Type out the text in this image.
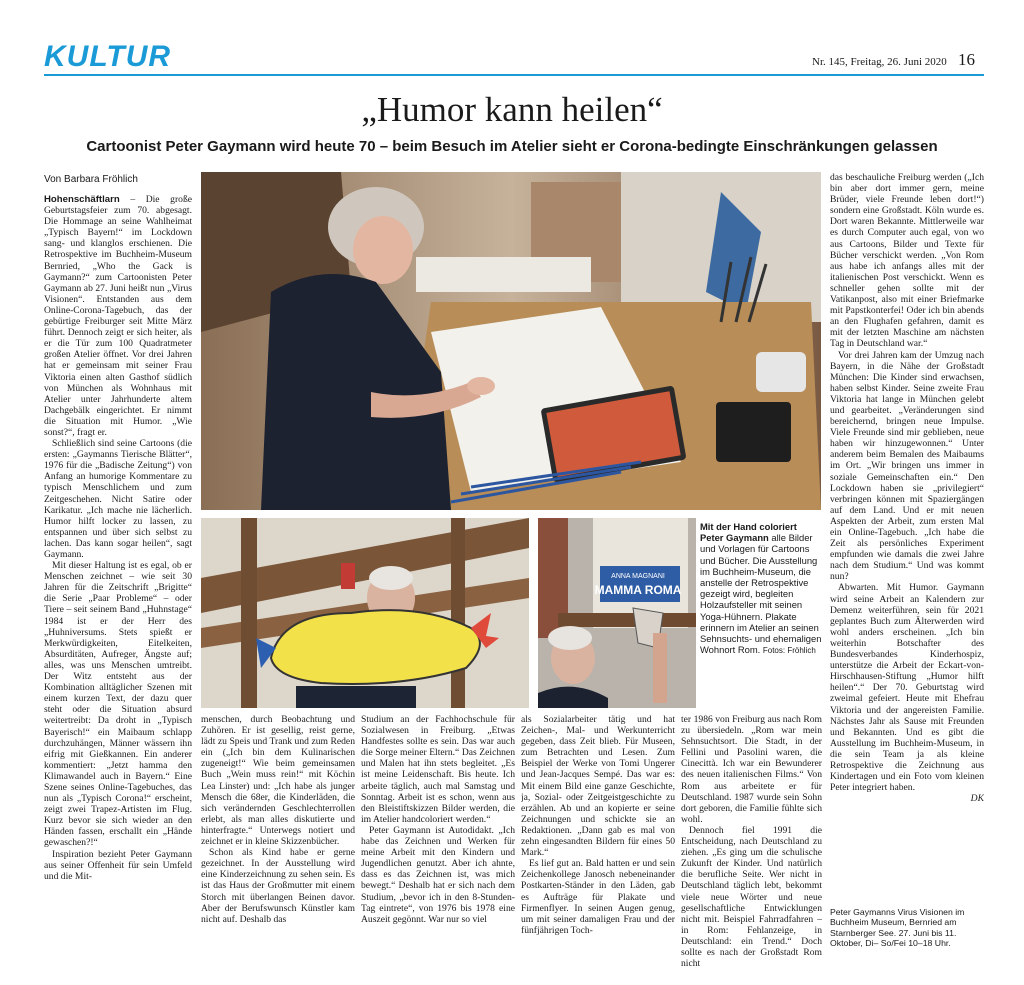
KULTUR	Nr. 145, Freitag, 26. Juni 2020 16
„Humor kann heilen“
Cartoonist Peter Gaymann wird heute 70 – beim Besuch im Atelier sieht er Corona-bedingte Einschränkungen gelassen
Von Barbara Fröhlich

Hohenschäftlarn – Die große Geburtstagsfeier zum 70. abgesagt. Die Hommage an seine Wahlheimat „Typisch Bayern!“ im Lockdown sang- und klanglos erschienen. Die Retrospektive im Buchheim-Museum Bernried, „Who the Gack is Gaymann?“ zum Cartoonisten Peter Gaymann ab 27. Juni heißt nun „Virus Visionen“. Entstanden aus dem Online-Corona-Tagebuch, das der gebürtige Freiburger seit Mitte März führt. Dennoch zeigt er sich heiter, als er die Tür zum 100 Quadratmeter großen Atelier öffnet. Vor drei Jahren hat er gemeinsam mit seiner Frau Viktoria einen alten Gasthof südlich von München als Wohnhaus mit Atelier unter Jahrhunderte altem Dachgebälk eingerichtet. Er nimmt die Situation mit Humor. „Wie sonst?“, fragt er.

Schließlich sind seine Cartoons (die ersten: „Gaymanns Tierische Blätter“, 1976 für die „Badische Zeitung“) von Anfang an humorige Kommentare zu typisch Menschlichem und zum Zeitgeschehen. Nicht Satire oder Karikatur. „Ich mache nie lächerlich. Humor hilft locker zu lassen, zu entspannen und über sich selbst zu lachen. Das kann sogar heilen“, sagt Gaymann.

Mit dieser Haltung ist es egal, ob er Menschen zeichnet – wie seit 30 Jahren für die Zeitschrift „Brigitte“ die Serie „Paar Probleme“ – oder Tiere – seit seinem Band „Huhnstage“ 1984 ist er der Herr des „Huhniversums. Stets spießt er Merkwürdigkeiten, Eitelkeiten, Absurditäten, Aufreger, Ängste auf; alles, was uns Menschen umtreibt. Der Witz entsteht aus der Kombination alltäglicher Szenen mit einem kurzen Text, der dazu quer steht oder die Situation absurd weitertreibt: Da droht in „Typisch Bayerisch!“ ein Maibaum schlapp durchzuhängen, Männer wässern ihn eifrig mit Gießkannen. Ein anderer kommentiert: „Jetzt hamma den Klimawandel auch in Bayern.“ Eine Szene seines Online-Tagebuches, das nun als „Typisch Corona!“ erscheint, zeigt zwei Trapez-Artisten im Flug. Kurz bevor sie sich wieder an den Händen fassen, erschallt ein „Hände gewaschen?!“

Inspiration bezieht Peter Gaymann aus seiner Offenheit für sein Umfeld und die Mit-

ANNA MAGNANI
MAMMA ROMA
Mit der Hand coloriert Peter Gaymann alle Bilder und Vorlagen für Cartoons und Bücher. Die Ausstellung im Buchheim-Museum, die anstelle der Retrospektive gezeigt wird, begleiten Holzaufsteller mit seinen Yoga-Hühnern. Plakate erinnern im Atelier an seinen Sehnsuchts- und ehemaligen Wohnort Rom. Fotos: Fröhlich

menschen, durch Beobachtung und Zuhören. Er ist gesellig, reist gerne, lädt zu Speis und Trank und zum Reden ein („Ich bin dem Kulinarischen zugeneigt!“ Wie beim gemeinsamen Buch „Wein muss rein!“ mit Köchin Lea Linster) und: „Ich habe als junger Mensch die 68er, die Kinderläden, die sich verändernden Geschlechterrollen erlebt, als man alles diskutierte und hinterfragte.“ Unterwegs notiert und zeichnet er in kleine Skizzenbücher.

Schon als Kind habe er gerne gezeichnet. In der Ausstellung wird eine Kinderzeichnung zu sehen sein. Es ist das Haus der Großmutter mit einem Storch mit überlangen Beinen davor. Aber der Berufswunsch Künstler kam nicht auf. Deshalb das

Studium an der Fachhochschule für Sozialwesen in Freiburg. „Etwas Handfestes sollte es sein. Das war auch die Sorge meiner Eltern.“ Das Zeichnen und Malen hat ihn stets begleitet. „Es ist meine Leidenschaft. Bis heute. Ich arbeite täglich, auch mal Samstag und Sonntag. Arbeit ist es schon, wenn aus den Bleistiftskizzen Bilder werden, die im Atelier handcoloriert werden.“

Peter Gaymann ist Autodidakt. „Ich habe das Zeichnen und Werken für meine Arbeit mit den Kindern und Jugendlichen genutzt. Aber ich ahnte, dass es das Zeichnen ist, was mich bewegt.“ Deshalb hat er sich nach dem Studium, „bevor ich in den 8-Stunden-Tag eintrete“, von 1976 bis 1978 eine Auszeit gegönnt. War nur so viel

als Sozialarbeiter tätig und hat Zeichen-, Mal- und Werkunterricht gegeben, dass Zeit blieb. Für Museen, zum Betrachten und Lesen. Zum Beispiel der Werke von Tomi Ungerer und Jean-Jacques Sempé. Das war es: Mit einem Bild eine ganze Geschichte, ja, Sozial- oder Zeitgeistgeschichte zu erzählen. Ab und an kopierte er seine Zeichnungen und schickte sie an Redaktionen. „Dann gab es mal von zehn eingesandten Bildern für eines 50 Mark.“

Es lief gut an. Bald hatten er und sein Zeichenkollege Janosch nebeneinander Postkarten-Ständer in den Läden, gab es Aufträge für Plakate und Firmenflyer. In seinen Augen genug, um mit seiner damaligen Frau und der fünfjährigen Toch-

ter 1986 von Freiburg aus nach Rom zu übersiedeln. „Rom war mein Sehnsuchtsort. Die Stadt, in der Fellini und Pasolini waren, die Cinecittà. Ich war ein Bewunderer des neuen italienischen Films.“ Von Rom aus arbeitete er für Deutschland. 1987 wurde sein Sohn dort geboren, die Familie fühlte sich wohl.

Dennoch fiel 1991 die Entscheidung, nach Deutschland zu ziehen. „Es ging um die schulische Zukunft der Kinder. Und natürlich die berufliche Seite. Wer nicht in Deutschland täglich lebt, bekommt viele neue Wörter und neue gesellschaftliche Entwicklungen nicht mit. Beispiel Fahrradfahren – in Rom: Fehlanzeige, in Deutschland: ein Trend.“ Doch sollte es nach der Großstadt Rom nicht

das beschauliche Freiburg werden („Ich bin aber dort immer gern, meine Brüder, viele Freunde leben dort!“) sondern eine Großstadt. Köln wurde es. Dort waren Bekannte. Mittlerweile war es durch Computer auch egal, von wo aus Cartoons, Bilder und Texte für Bücher verschickt werden. „Von Rom aus habe ich anfangs alles mit der italienischen Post verschickt. Wenn es schneller gehen sollte mit der Vatikanpost, also mit einer Briefmarke mit Papstkonterfei! Oder ich bin abends an den Flughafen gefahren, damit es mit der letzten Maschine am nächsten Tag in Deutschland war.“

Vor drei Jahren kam der Umzug nach Bayern, in die Nähe der Großstadt München: Die Kinder sind erwachsen, haben selbst Kinder. Seine zweite Frau Viktoria hat lange in München gelebt und gearbeitet. „Veränderungen sind bereichernd, bringen neue Impulse. Viele Freunde sind mir geblieben, neue haben wir hinzugewonnen.“ Unter anderem beim Bemalen des Maibaums im Ort. „Wir bringen uns immer in soziale Gemeinschaften ein.“ Den Lockdown haben sie „privilegiert“ verbringen können mit Spaziergängen auf dem Land. Und er mit neuen Aspekten der Arbeit, zum ersten Mal ein Online-Tagebuch. „Ich habe die Zeit als persönliches Experiment empfunden wie damals die zwei Jahre nach dem Studium.“ Und was kommt nun?

Abwarten. Mit Humor. Gaymann wird seine Arbeit an Kalendern zur Demenz weiterführen, sein für 2021 geplantes Buch zum Älterwerden wird wohl anders erscheinen. „Ich bin weiterhin Botschafter des Bundesverbandes Kinderhospiz, unterstütze die Arbeit der Eckart-von-Hirschhausen-Stiftung „Humor hilft heilen“.“ Der 70. Geburtstag wird zweimal gefeiert. Heute mit Ehefrau Viktoria und der angereisten Familie. Nächstes Jahr als Sause mit Freunden und Bekannten. Und es gibt die Ausstellung im Buchheim-Museum, in die sein Team ja als kleine Retrospektive die Zeichnung aus Kindertagen und ein Foto vom kleinen Peter integriert haben.

DK
Peter Gaymanns Virus Visionen im Buchheim Museum, Bernried am Starnberger See. 27. Juni bis 11. Oktober, Di– So/Fei 10–18 Uhr.
